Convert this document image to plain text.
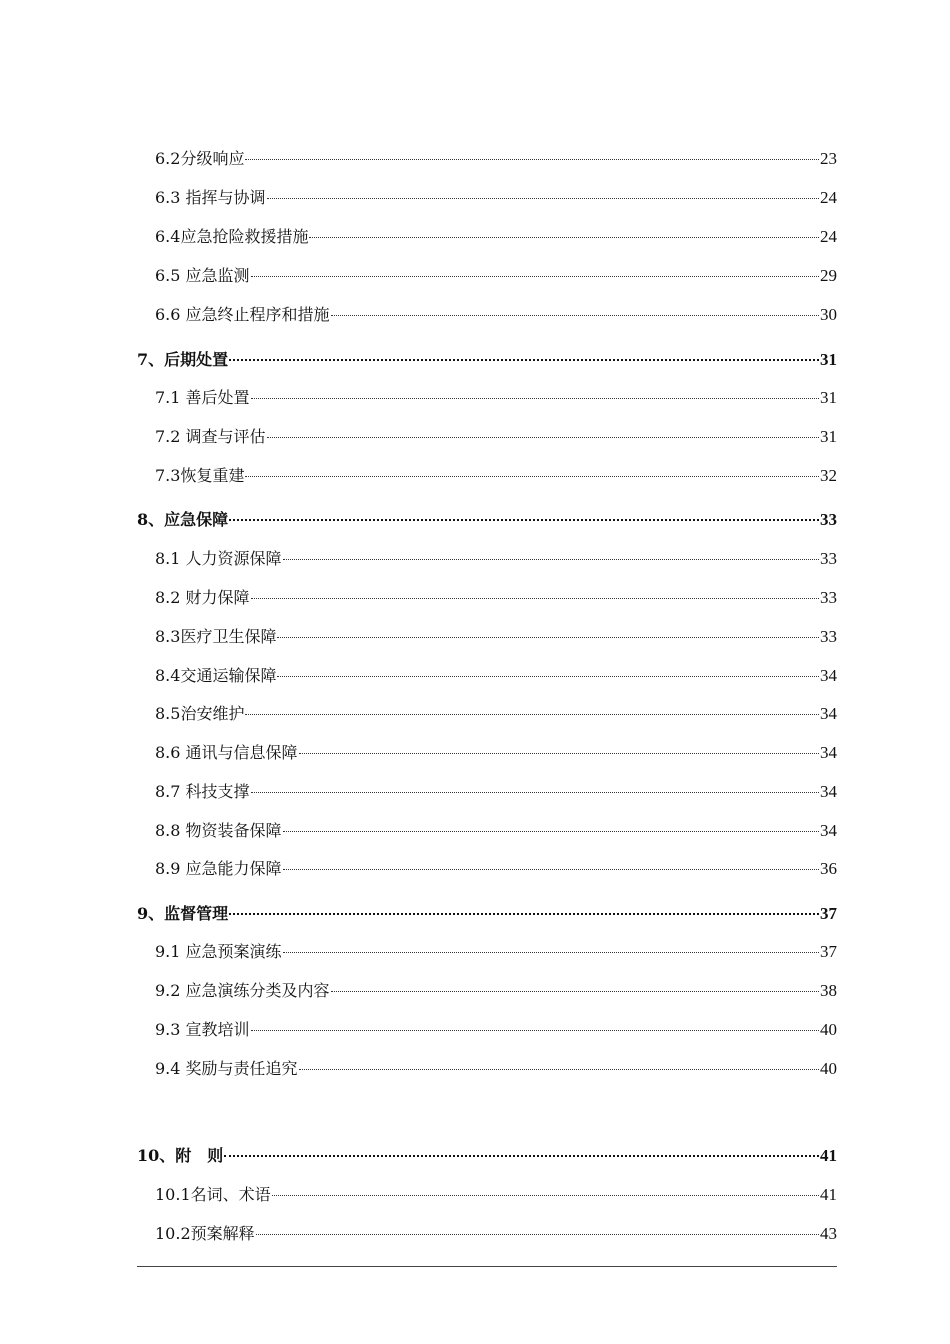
6.2分级响应	23
6.3 指挥与协调	24
6.4应急抢险救援措施	24
6.5 应急监测	29
6.6 应急终止程序和措施	30
7、后期处置	31
7.1 善后处置	31
7.2 调查与评估	31
7.3恢复重建	32
8、应急保障	33
8.1 人力资源保障	33
8.2 财力保障	33
8.3医疗卫生保障	33
8.4交通运输保障	34
8.5治安维护	34
8.6 通讯与信息保障	34
8.7 科技支撑	34
8.8 物资装备保障	34
8.9 应急能力保障	36
9、监督管理	37
9.1 应急预案演练	37
9.2 应急演练分类及内容	38
9.3 宣教培训	40
9.4 奖励与责任追究	40
10、附　则	41
10.1名词、术语	41
10.2预案解释	43
